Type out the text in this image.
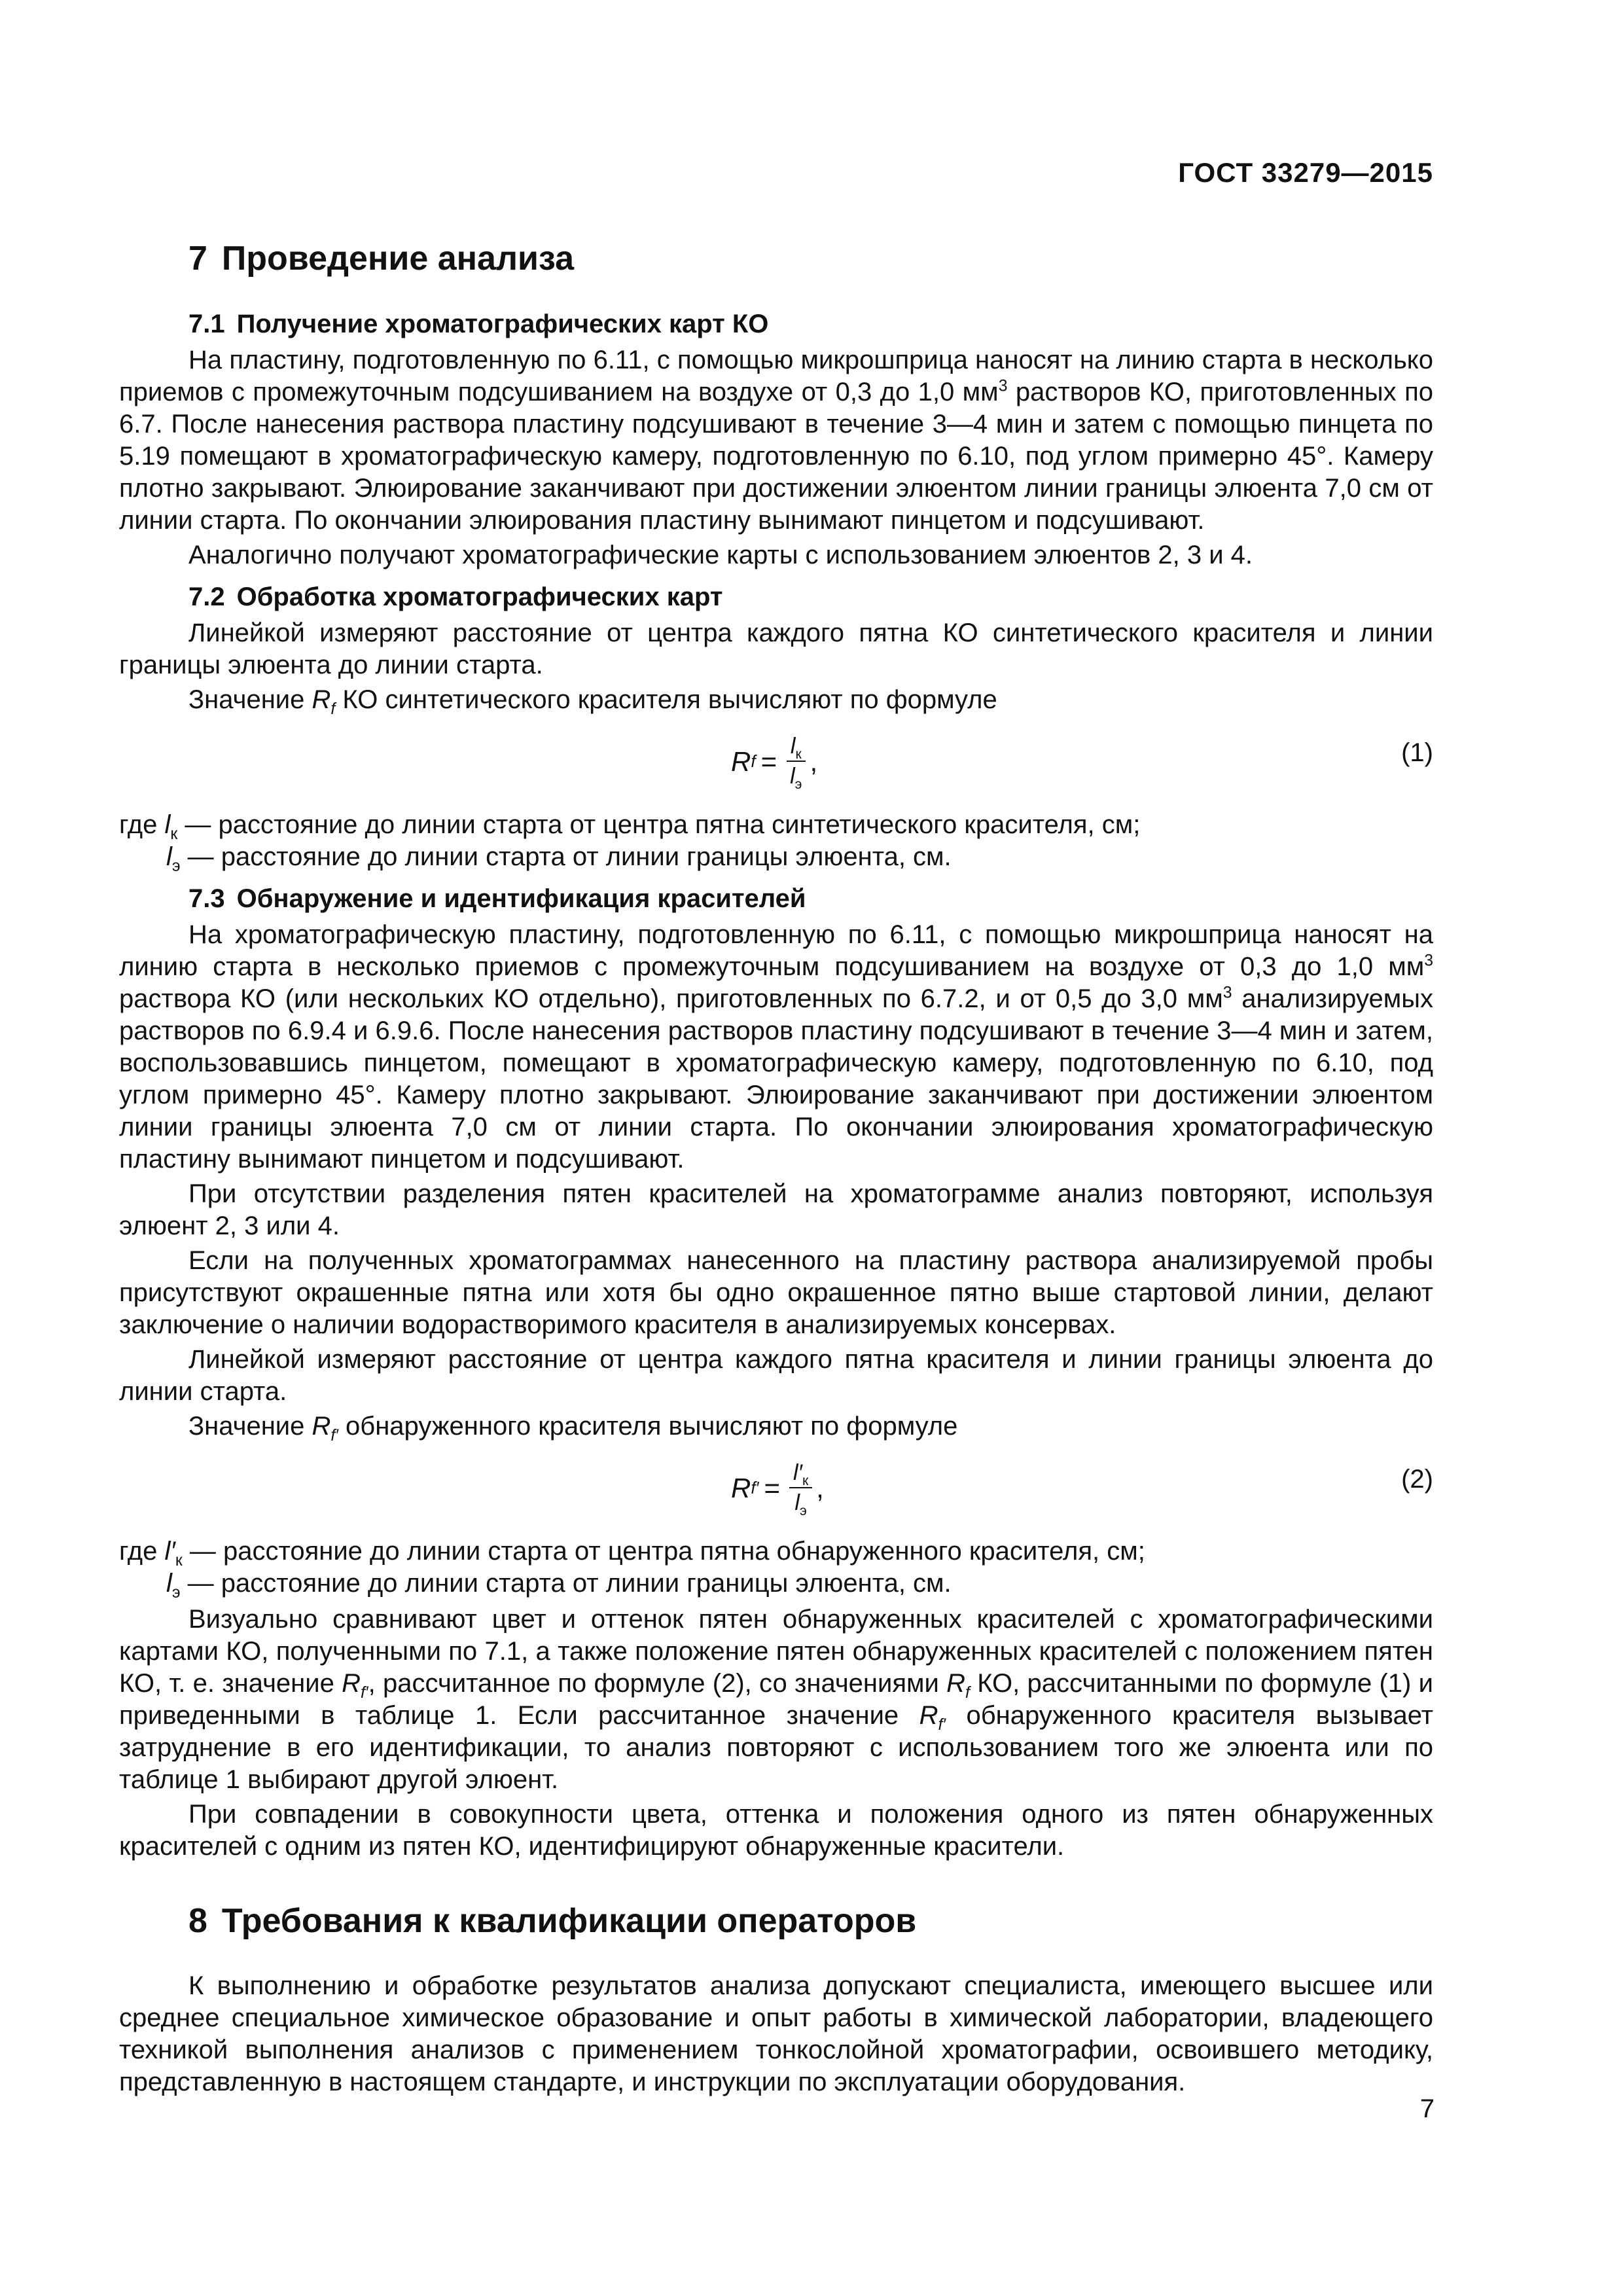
ГОСТ 33279—2015
7 Проведение анализа
7.1 Получение хроматографических карт КО

На пластину, подготовленную по 6.11, с помощью микрошприца наносят на линию старта в несколько приемов с промежуточным подсушиванием на воздухе от 0,3 до 1,0 $мм^3$ растворов КО, приготовленных по 6.7. После нанесения раствора пластину подсушивают в течение 3—4 мин и затем с помощью пинцета по 5.19 помещают в хроматографическую камеру, подготовленную по 6.10, под углом примерно 45°. Камеру плотно закрывают. Элюирование заканчивают при достижении элюентом линии границы элюента 7,0 см от линии старта. По окончании элюирования пластину вынимают пинцетом и подсушивают.

Аналогично получают хроматографические карты с использованием элюентов 2, 3 и 4.

7.2 Обработка хроматографических карт

Линейкой измеряют расстояние от центра каждого пятна КО синтетического красителя и линии границы элюента до линии старта.

Значение $R_f$ КО синтетического красителя вычисляют по формуле

R $f = \frac{l_к}{l_э}$ ,	(1)

где $l_к$ — расстояние до линии старта от центра пятна синтетического красителя, см;

$l_э$ — расстояние до линии старта от линии границы элюента, см.

7.3 Обнаружение и идентификация красителей

На хроматографическую пластину, подготовленную по 6.11, с помощью микрошприца наносят на линию старта в несколько приемов с промежуточным подсушиванием на воздухе от 0,3 до 1,0 $мм^3$ раствора КО (или нескольких КО отдельно), приготовленных по 6.7.2, и от 0,5 до 3,0 $мм^3$ анализируемых растворов по 6.9.4 и 6.9.6. После нанесения растворов пластину подсушивают в течение 3—4 мин и затем, воспользовавшись пинцетом, помещают в хроматографическую камеру, подготовленную по 6.10, под углом примерно 45°. Камеру плотно закрывают. Элюирование заканчивают при достижении элюентом линии границы элюента 7,0 см от линии старта. По окончании элюирования хроматографическую пластину вынимают пинцетом и подсушивают.

При отсутствии разделения пятен красителей на хроматограмме анализ повторяют, используя элюент 2, 3 или 4.

Если на полученных хроматограммах нанесенного на пластину раствора анализируемой пробы присутствуют окрашенные пятна или хотя бы одно окрашенное пятно выше стартовой линии, делают заключение о наличии водорастворимого красителя в анализируемых консервах.

Линейкой измеряют расстояние от центра каждого пятна красителя и линии границы элюента до линии старта.

Значение $R_{f'}$ обнаруженного красителя вычисляют по формуле

R $f' = \frac{l'_к}{l_э}$ ,	(2)

где $l'_к$ — расстояние до линии старта от центра пятна обнаруженного красителя, см;

$l_э$ — расстояние до линии старта от линии границы элюента, см.

Визуально сравнивают цвет и оттенок пятен обнаруженных красителей с хроматографическими картами КО, полученными по 7.1, а также положение пятен обнаруженных красителей с положением пятен КО, т. е. значение $R_{f'}$, рассчитанное по формуле (2), со значениями $R_f$ КО, рассчитанными по формуле (1) и приведенными в таблице 1. Если рассчитанное значение $R_{f'}$ обнаруженного красителя вызывает затруднение в его идентификации, то анализ повторяют с использованием того же элюента или по таблице 1 выбирают другой элюент.

При совпадении в совокупности цвета, оттенка и положения одного из пятен обнаруженных красителей с одним из пятен КО, идентифицируют обнаруженные красители.

8 Требования к квалификации операторов

К выполнению и обработке результатов анализа допускают специалиста, имеющего высшее или среднее специальное химическое образование и опыт работы в химической лаборатории, владеющего техникой выполнения анализов с применением тонкослойной хроматографии, освоившего методику, представленную в настоящем стандарте, и инструкции по эксплуатации оборудования.

7
